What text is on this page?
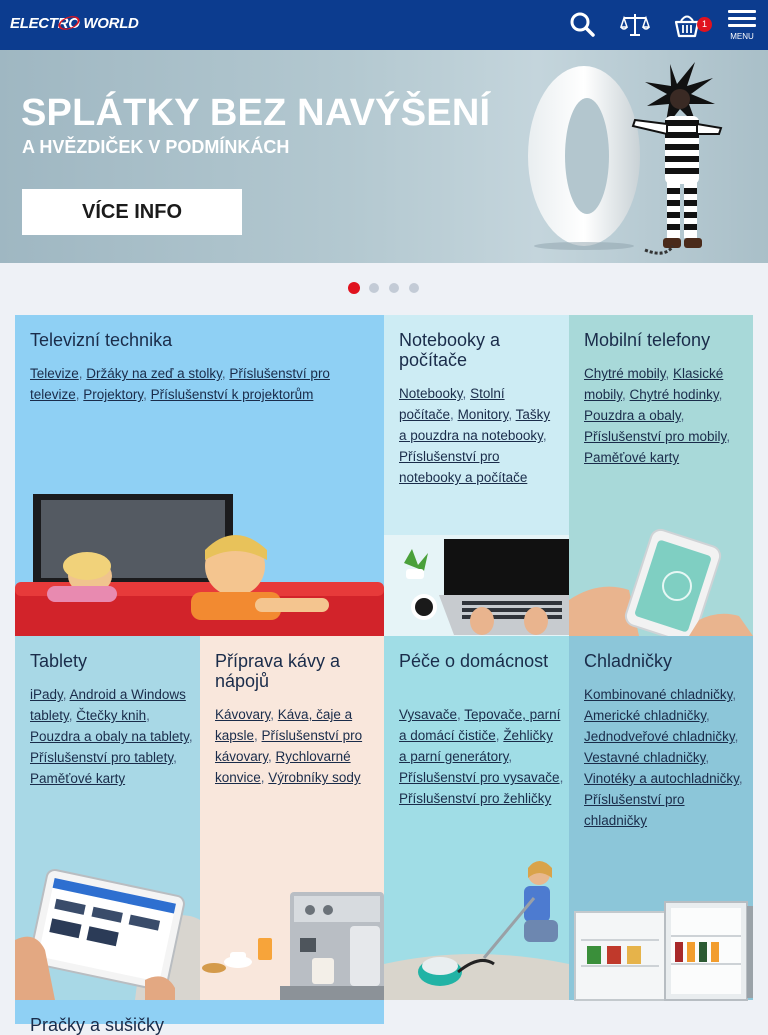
ELECTRO WORLD	1
MENU
SPLÁTKY BEZ NAVÝŠENÍ
A HVĚZDIČEK V PODMÍNKÁCH
VÍCE INFO
Televizní technika
Televize, Držáky na zeď a stolky, Příslušenství pro televize, Projektory, Příslušenství k projektorům
Notebooky a počítače
Notebooky, Stolní počítače, Monitory, Tašky a pouzdra na notebooky, Příslušenství pro notebooky a počítače
Mobilní telefony
Chytré mobily, Klasické mobily, Chytré hodinky, Pouzdra a obaly, Příslušenství pro mobily, Paměťové karty
Tablety
iPady, Android a Windows tablety, Čtečky knih, Pouzdra a obaly na tablety, Příslušenství pro tablety, Paměťové karty
Příprava kávy a nápojů
Kávovary, Káva, čaje a kapsle, Příslušenství pro kávovary, Rychlovarné konvice, Výrobníky sody
Péče o domácnost
Vysavače, Tepovače, parní a domácí čističe, Žehličky a parní generátory, Příslušenství pro vysavače, Příslušenství pro žehličky
Chladničky
Kombinované chladničky, Americké chladničky, Jednodveřové chladničky, Vestavné chladničky, Vinotéky a autochladničky, Příslušenství pro chladničky
Pračky a sušičky
